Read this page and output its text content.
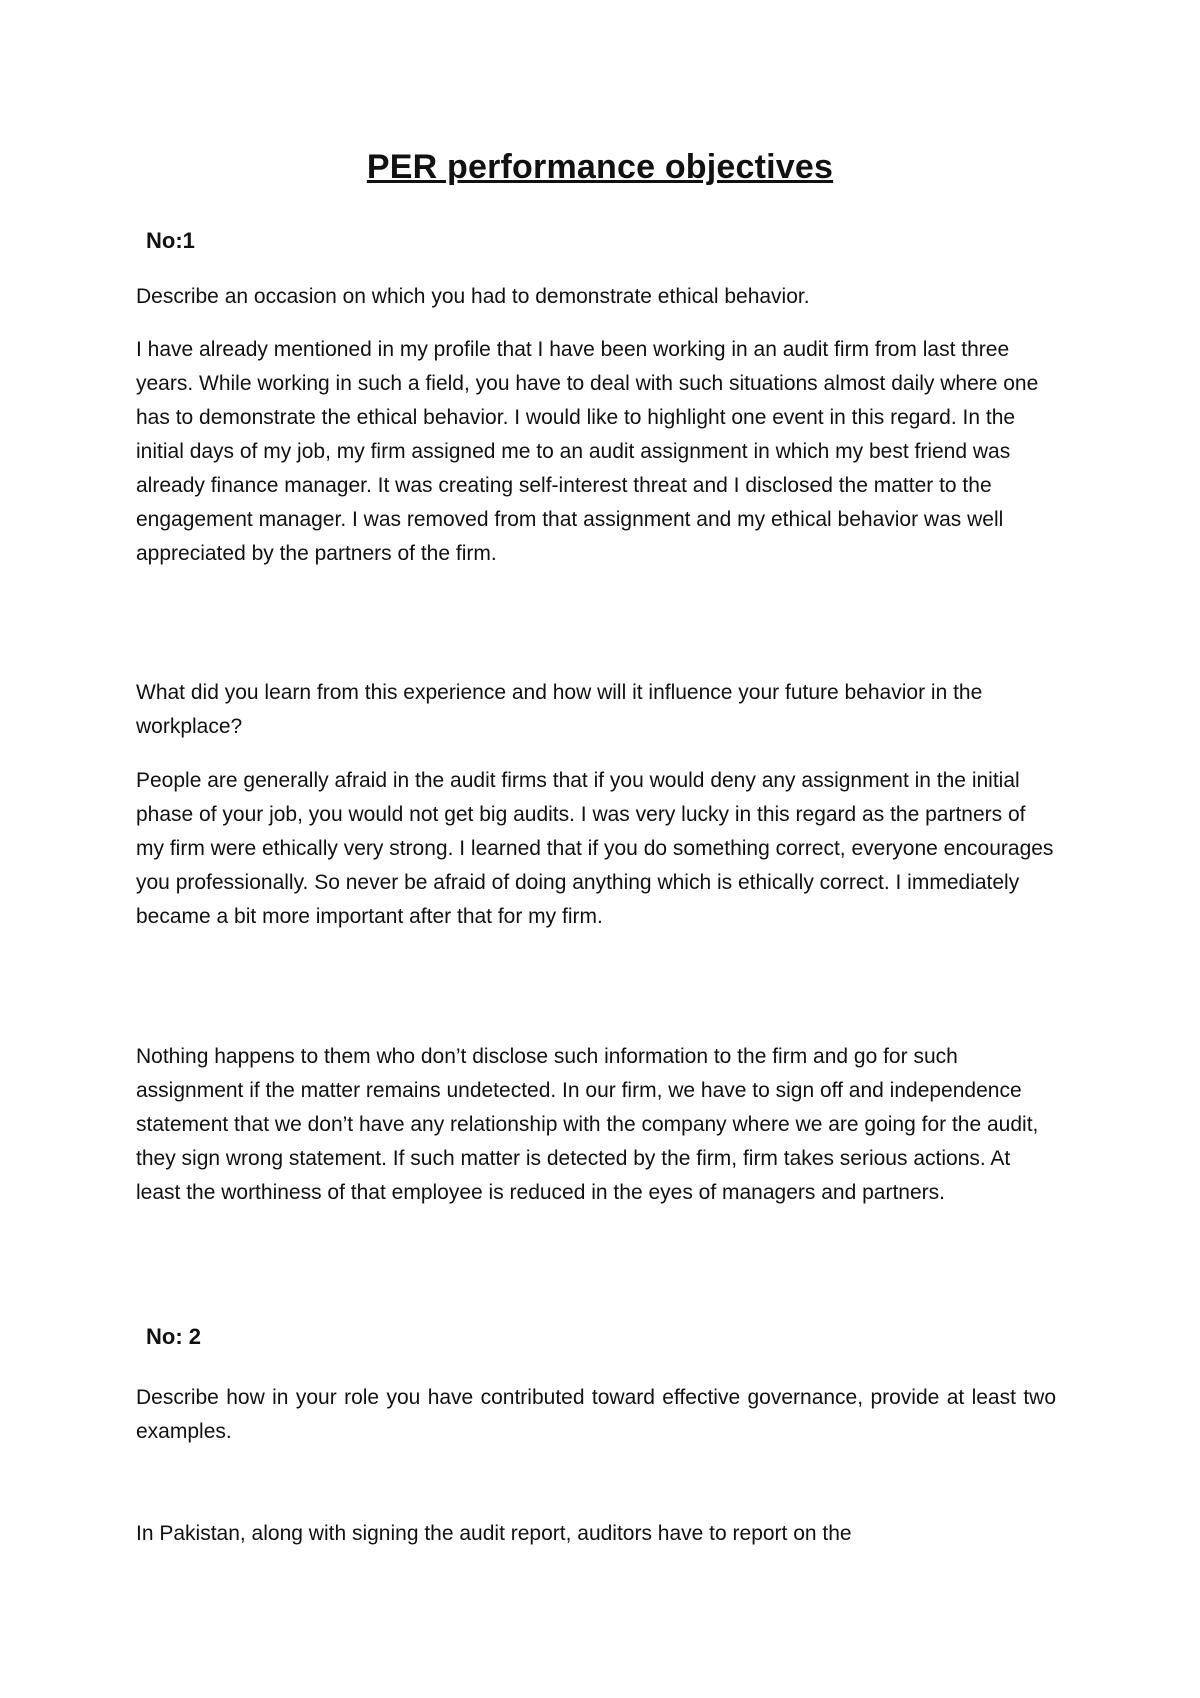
PER performance objectives
No:1

Describe an occasion on which you had to demonstrate ethical behavior.

I have already mentioned in my profile that I have been working in an audit firm from last three years. While working in such a field, you have to deal with such situations almost daily where one has to demonstrate the ethical behavior. I would like to highlight one event in this regard. In the initial days of my job, my firm assigned me to an audit assignment in which my best friend was already finance manager. It was creating self-interest threat and I disclosed the matter to the engagement manager. I was removed from that assignment and my ethical behavior was well appreciated by the partners of the firm.

What did you learn from this experience and how will it influence your future behavior in the workplace?

People are generally afraid in the audit firms that if you would deny any assignment in the initial phase of your job, you would not get big audits. I was very lucky in this regard as the partners of my firm were ethically very strong. I learned that if you do something correct, everyone encourages you professionally. So never be afraid of doing anything which is ethically correct. I immediately became a bit more important after that for my firm.

Nothing happens to them who don’t disclose such information to the firm and go for such assignment if the matter remains undetected. In our firm, we have to sign off and independence statement that we don’t have any relationship with the company where we are going for the audit, they sign wrong statement. If such matter is detected by the firm, firm takes serious actions. At least the worthiness of that employee is reduced in the eyes of managers and partners.

No: 2

Describe how in your role you have contributed toward effective governance, provide at least two examples.

In Pakistan, along with signing the audit report, auditors have to report on the
